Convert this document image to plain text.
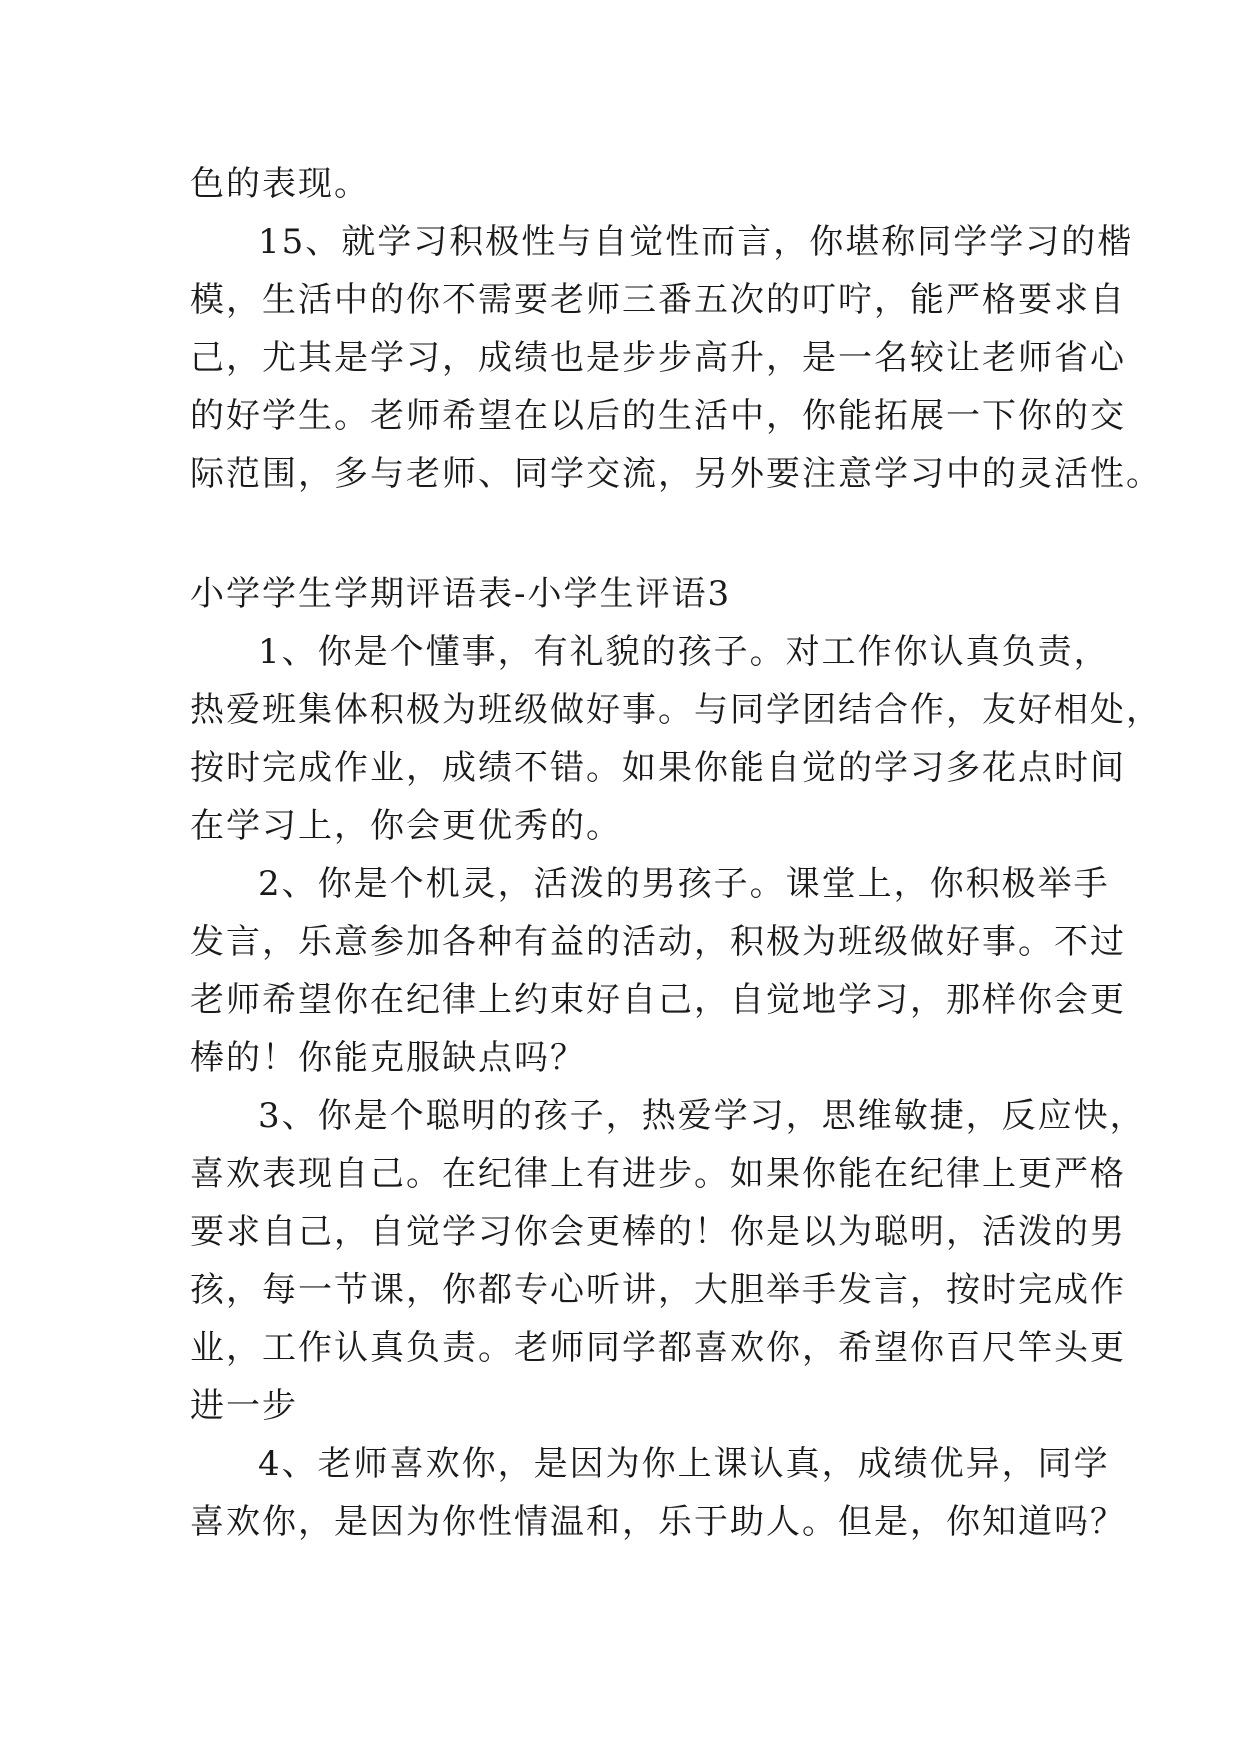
色的表现。
15、就学习积极性与自觉性而言，你堪称同学学习的楷
模，生活中的你不需要老师三番五次的叮咛，能严格要求自
己，尤其是学习，成绩也是步步高升，是一名较让老师省心
的好学生。老师希望在以后的生活中，你能拓展一下你的交
际范围，多与老师、同学交流，另外要注意学习中的灵活性。
小学学生学期评语表-小学生评语3
1、你是个懂事，有礼貌的孩子。对工作你认真负责，
热爱班集体积极为班级做好事。与同学团结合作，友好相处，
按时完成作业，成绩不错。如果你能自觉的学习多花点时间
在学习上，你会更优秀的。
2、你是个机灵，活泼的男孩子。课堂上，你积极举手
发言，乐意参加各种有益的活动，积极为班级做好事。不过
老师希望你在纪律上约束好自己，自觉地学习，那样你会更
棒的！你能克服缺点吗？
3、你是个聪明的孩子，热爱学习，思维敏捷，反应快，
喜欢表现自己。在纪律上有进步。如果你能在纪律上更严格
要求自己，自觉学习你会更棒的！你是以为聪明，活泼的男
孩，每一节课，你都专心听讲，大胆举手发言，按时完成作
业，工作认真负责。老师同学都喜欢你，希望你百尺竿头更
进一步
4、老师喜欢你，是因为你上课认真，成绩优异，同学
喜欢你，是因为你性情温和，乐于助人。但是，你知道吗？
